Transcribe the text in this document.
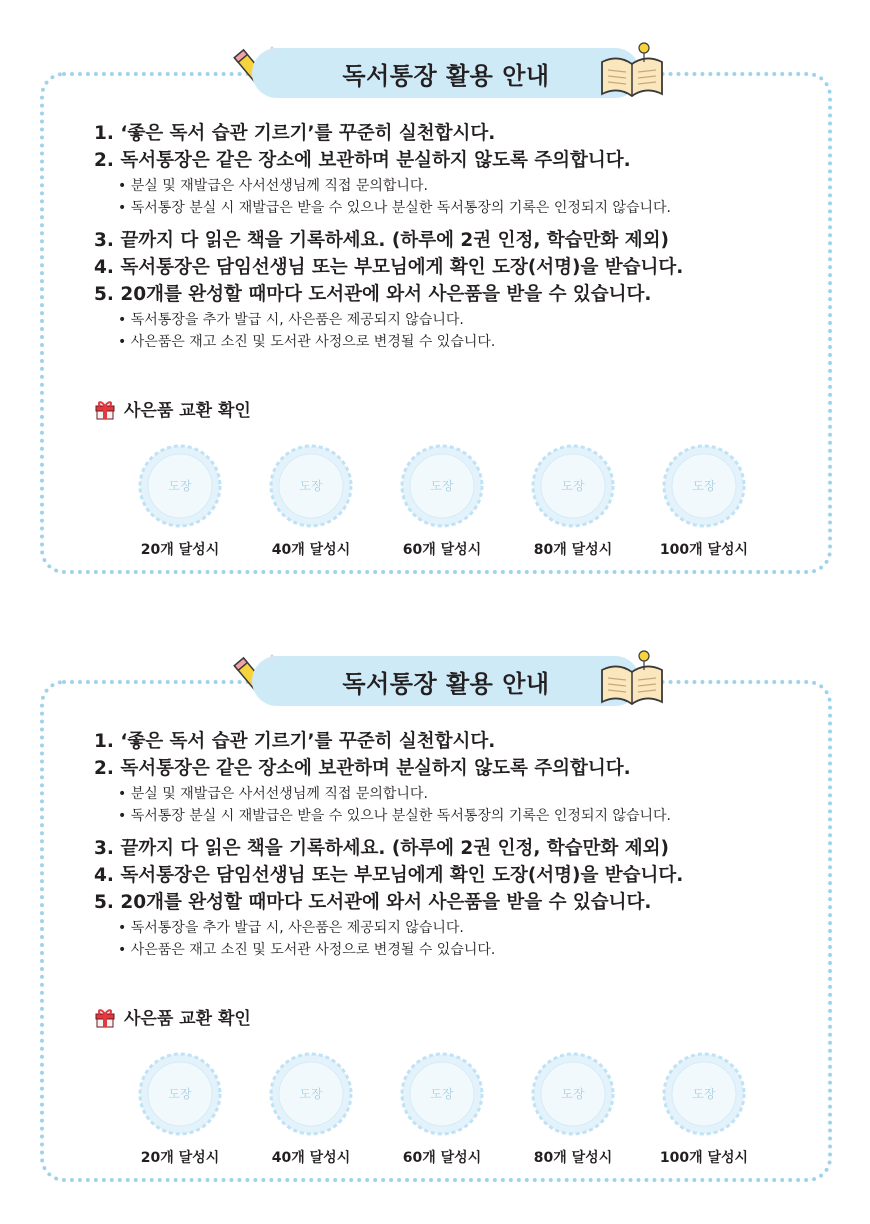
독서통장 활용 안내
1. ‘좋은 독서 습관 기르기’를 꾸준히 실천합시다.
2. 독서통장은 같은 장소에 보관하며 분실하지 않도록 주의합니다.
• 분실 및 재발급은 사서선생님께 직접 문의합니다.
• 독서통장 분실 시 재발급은 받을 수 있으나 분실한 독서통장의 기록은 인정되지 않습니다.
3. 끝까지 다 읽은 책을 기록하세요. (하루에 2권 인정, 학습만화 제외)
4. 독서통장은 담임선생님 또는 부모님에게 확인 도장(서명)을 받습니다.
5. 20개를 완성할 때마다 도서관에 와서 사은품을 받을 수 있습니다.
• 독서통장을 추가 발급 시, 사은품은 제공되지 않습니다.
• 사은품은 재고 소진 및 도서관 사정으로 변경될 수 있습니다.
사은품 교환 확인
도장
20개 달성시
도장
40개 달성시
도장
60개 달성시
도장
80개 달성시
도장
100개 달성시
독서통장 활용 안내
1. ‘좋은 독서 습관 기르기’를 꾸준히 실천합시다.
2. 독서통장은 같은 장소에 보관하며 분실하지 않도록 주의합니다.
• 분실 및 재발급은 사서선생님께 직접 문의합니다.
• 독서통장 분실 시 재발급은 받을 수 있으나 분실한 독서통장의 기록은 인정되지 않습니다.
3. 끝까지 다 읽은 책을 기록하세요. (하루에 2권 인정, 학습만화 제외)
4. 독서통장은 담임선생님 또는 부모님에게 확인 도장(서명)을 받습니다.
5. 20개를 완성할 때마다 도서관에 와서 사은품을 받을 수 있습니다.
• 독서통장을 추가 발급 시, 사은품은 제공되지 않습니다.
• 사은품은 재고 소진 및 도서관 사정으로 변경될 수 있습니다.
사은품 교환 확인
도장
20개 달성시
도장
40개 달성시
도장
60개 달성시
도장
80개 달성시
도장
100개 달성시
